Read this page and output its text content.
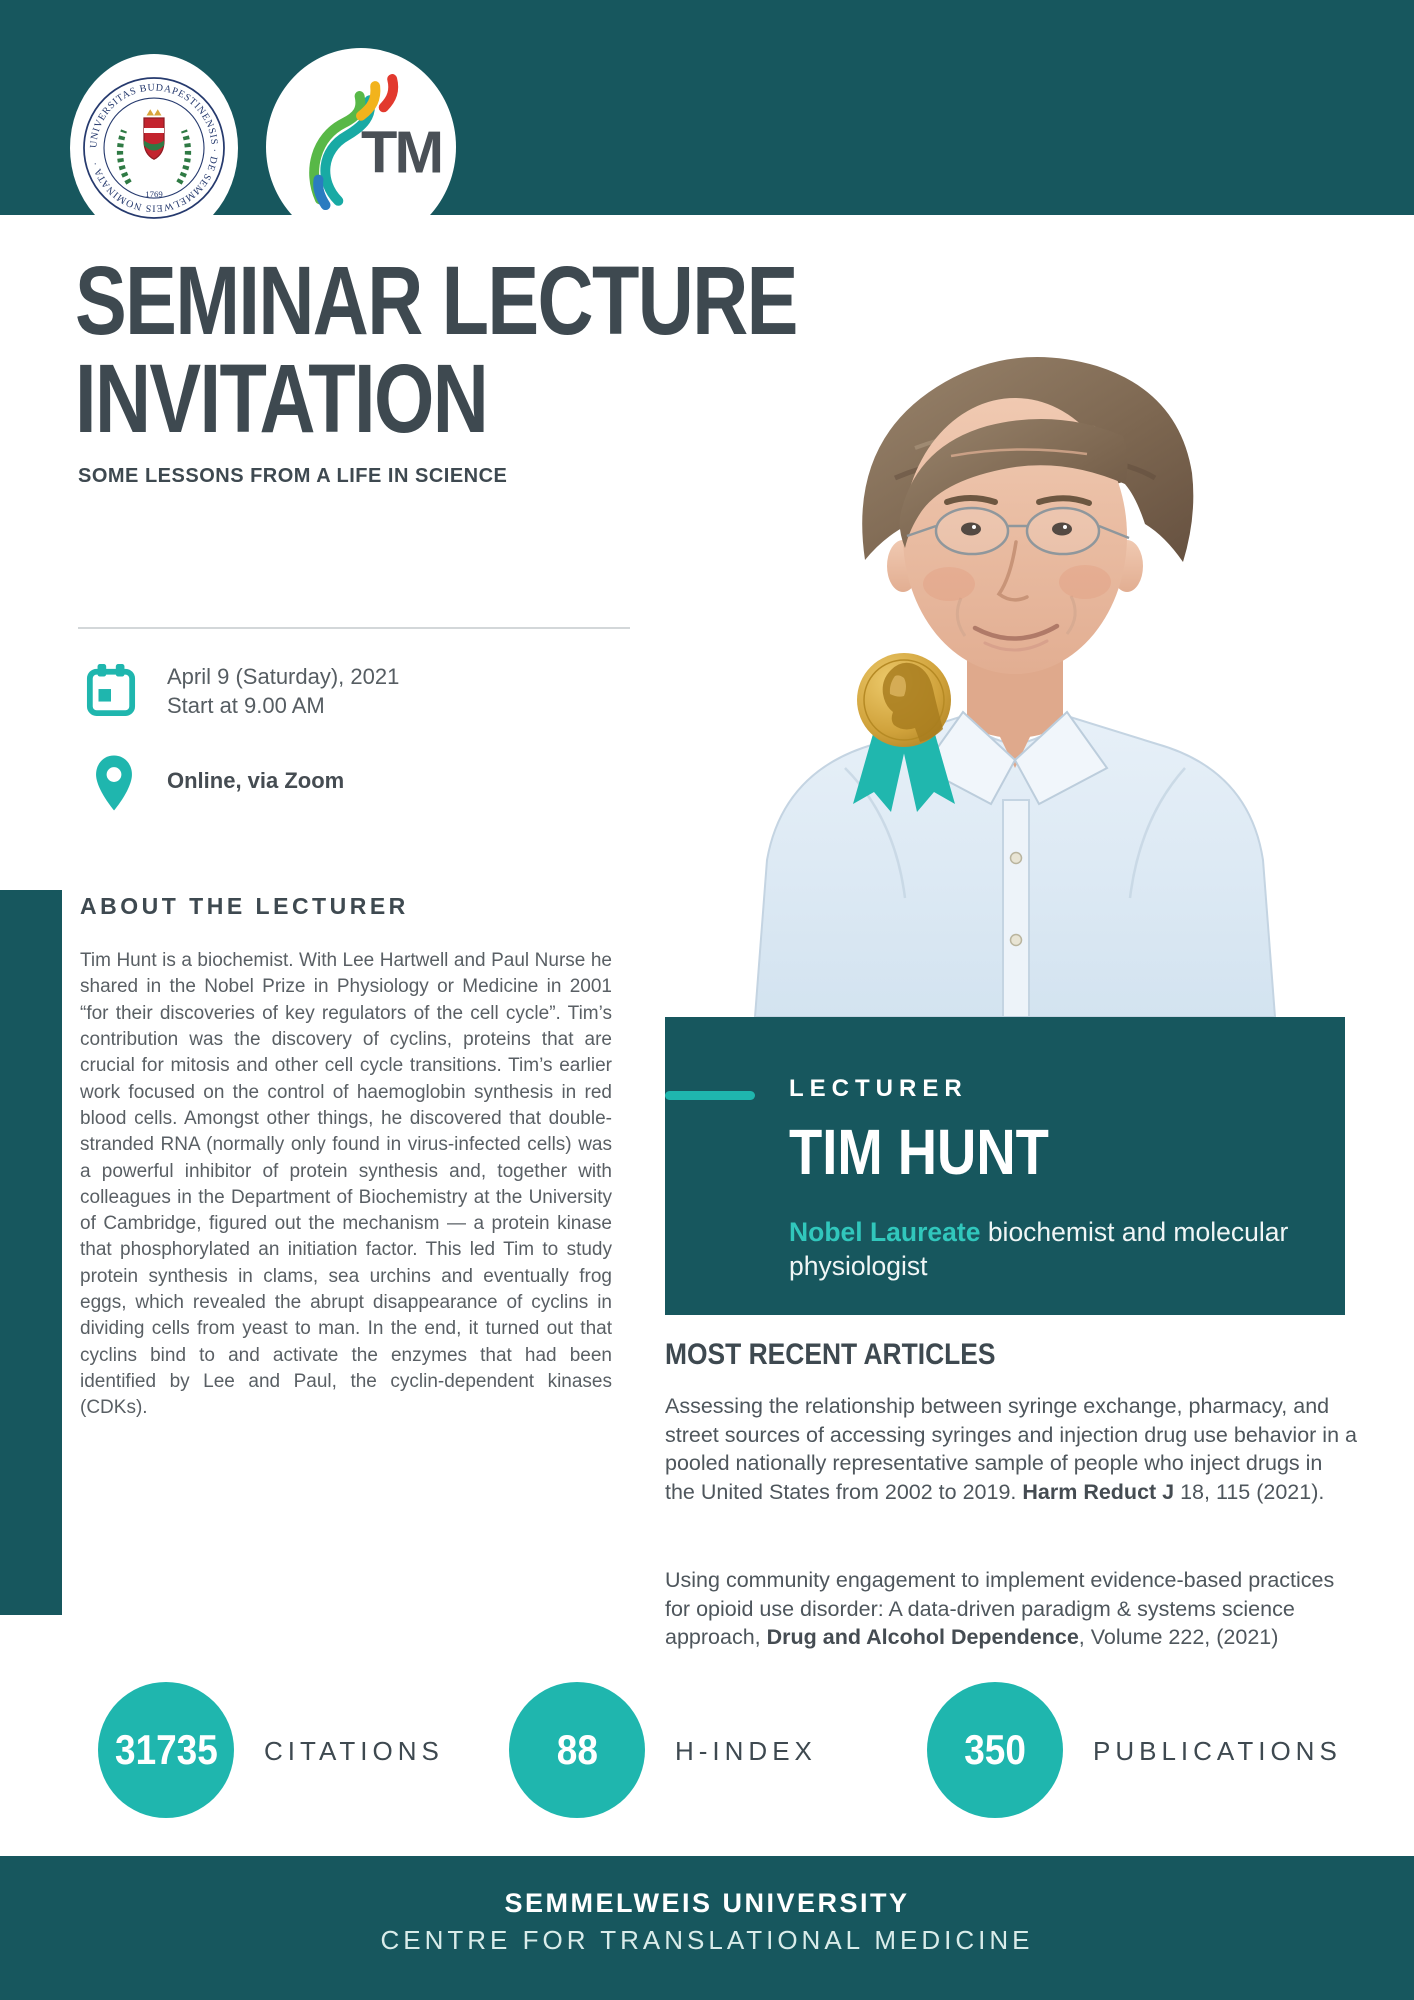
UNIVERSITAS BUDAPESTINENSIS · DE SEMMELWEIS NOMINATA ·
1769
TM
SEMINAR LECTURE
INVITATION
SOME LESSONS FROM A LIFE IN SCIENCE
April 9 (Saturday), 2021
Start at 9.00 AM
Online, via Zoom
ABOUT THE LECTURER
Tim Hunt is a biochemist. With Lee Hartwell and Paul Nurse he shared in the Nobel Prize in Physiology or Medicine in 2001 “for their discoveries of key regulators of the cell cycle”. Tim’s contribution was the discovery of cyclins, proteins that are crucial for mitosis and other cell cycle transitions. Tim’s earlier work focused on the control of haemoglobin synthesis in red blood cells. Amongst other things, he discovered that double-stranded RNA (normally only found in virus-infected cells) was a powerful inhibitor of protein synthesis and, together with colleagues in the Department of Biochemistry at the University of Cambridge, figured out the mechanism — a protein kinase that phosphorylated an initiation factor. This led Tim to study protein synthesis in clams, sea urchins and eventually frog eggs, which revealed the abrupt disappearance of cyclins in dividing cells from yeast to man. In the end, it turned out that cyclins bind to and activate the enzymes that had been identified by Lee and Paul, the cyclin-dependent kinases (CDKs).
LECTURER
TIM HUNT
Nobel Laureate biochemist and molecular physiologist
MOST RECENT ARTICLES
Assessing the relationship between syringe exchange, pharmacy, and street sources of accessing syringes and injection drug use behavior in a pooled nationally representative sample of people who inject drugs in the United States from 2002 to 2019. Harm Reduct J 18, 115 (2021).
Using community engagement to implement evidence-based practices for opioid use disorder: A data-driven paradigm & systems science approach, Drug and Alcohol Dependence, Volume 222, (2021)
31735 CITATIONS	88	H-INDEX	350	PUBLICATIONS
SEMMELWEIS UNIVERSITY
CENTRE FOR TRANSLATIONAL MEDICINE
